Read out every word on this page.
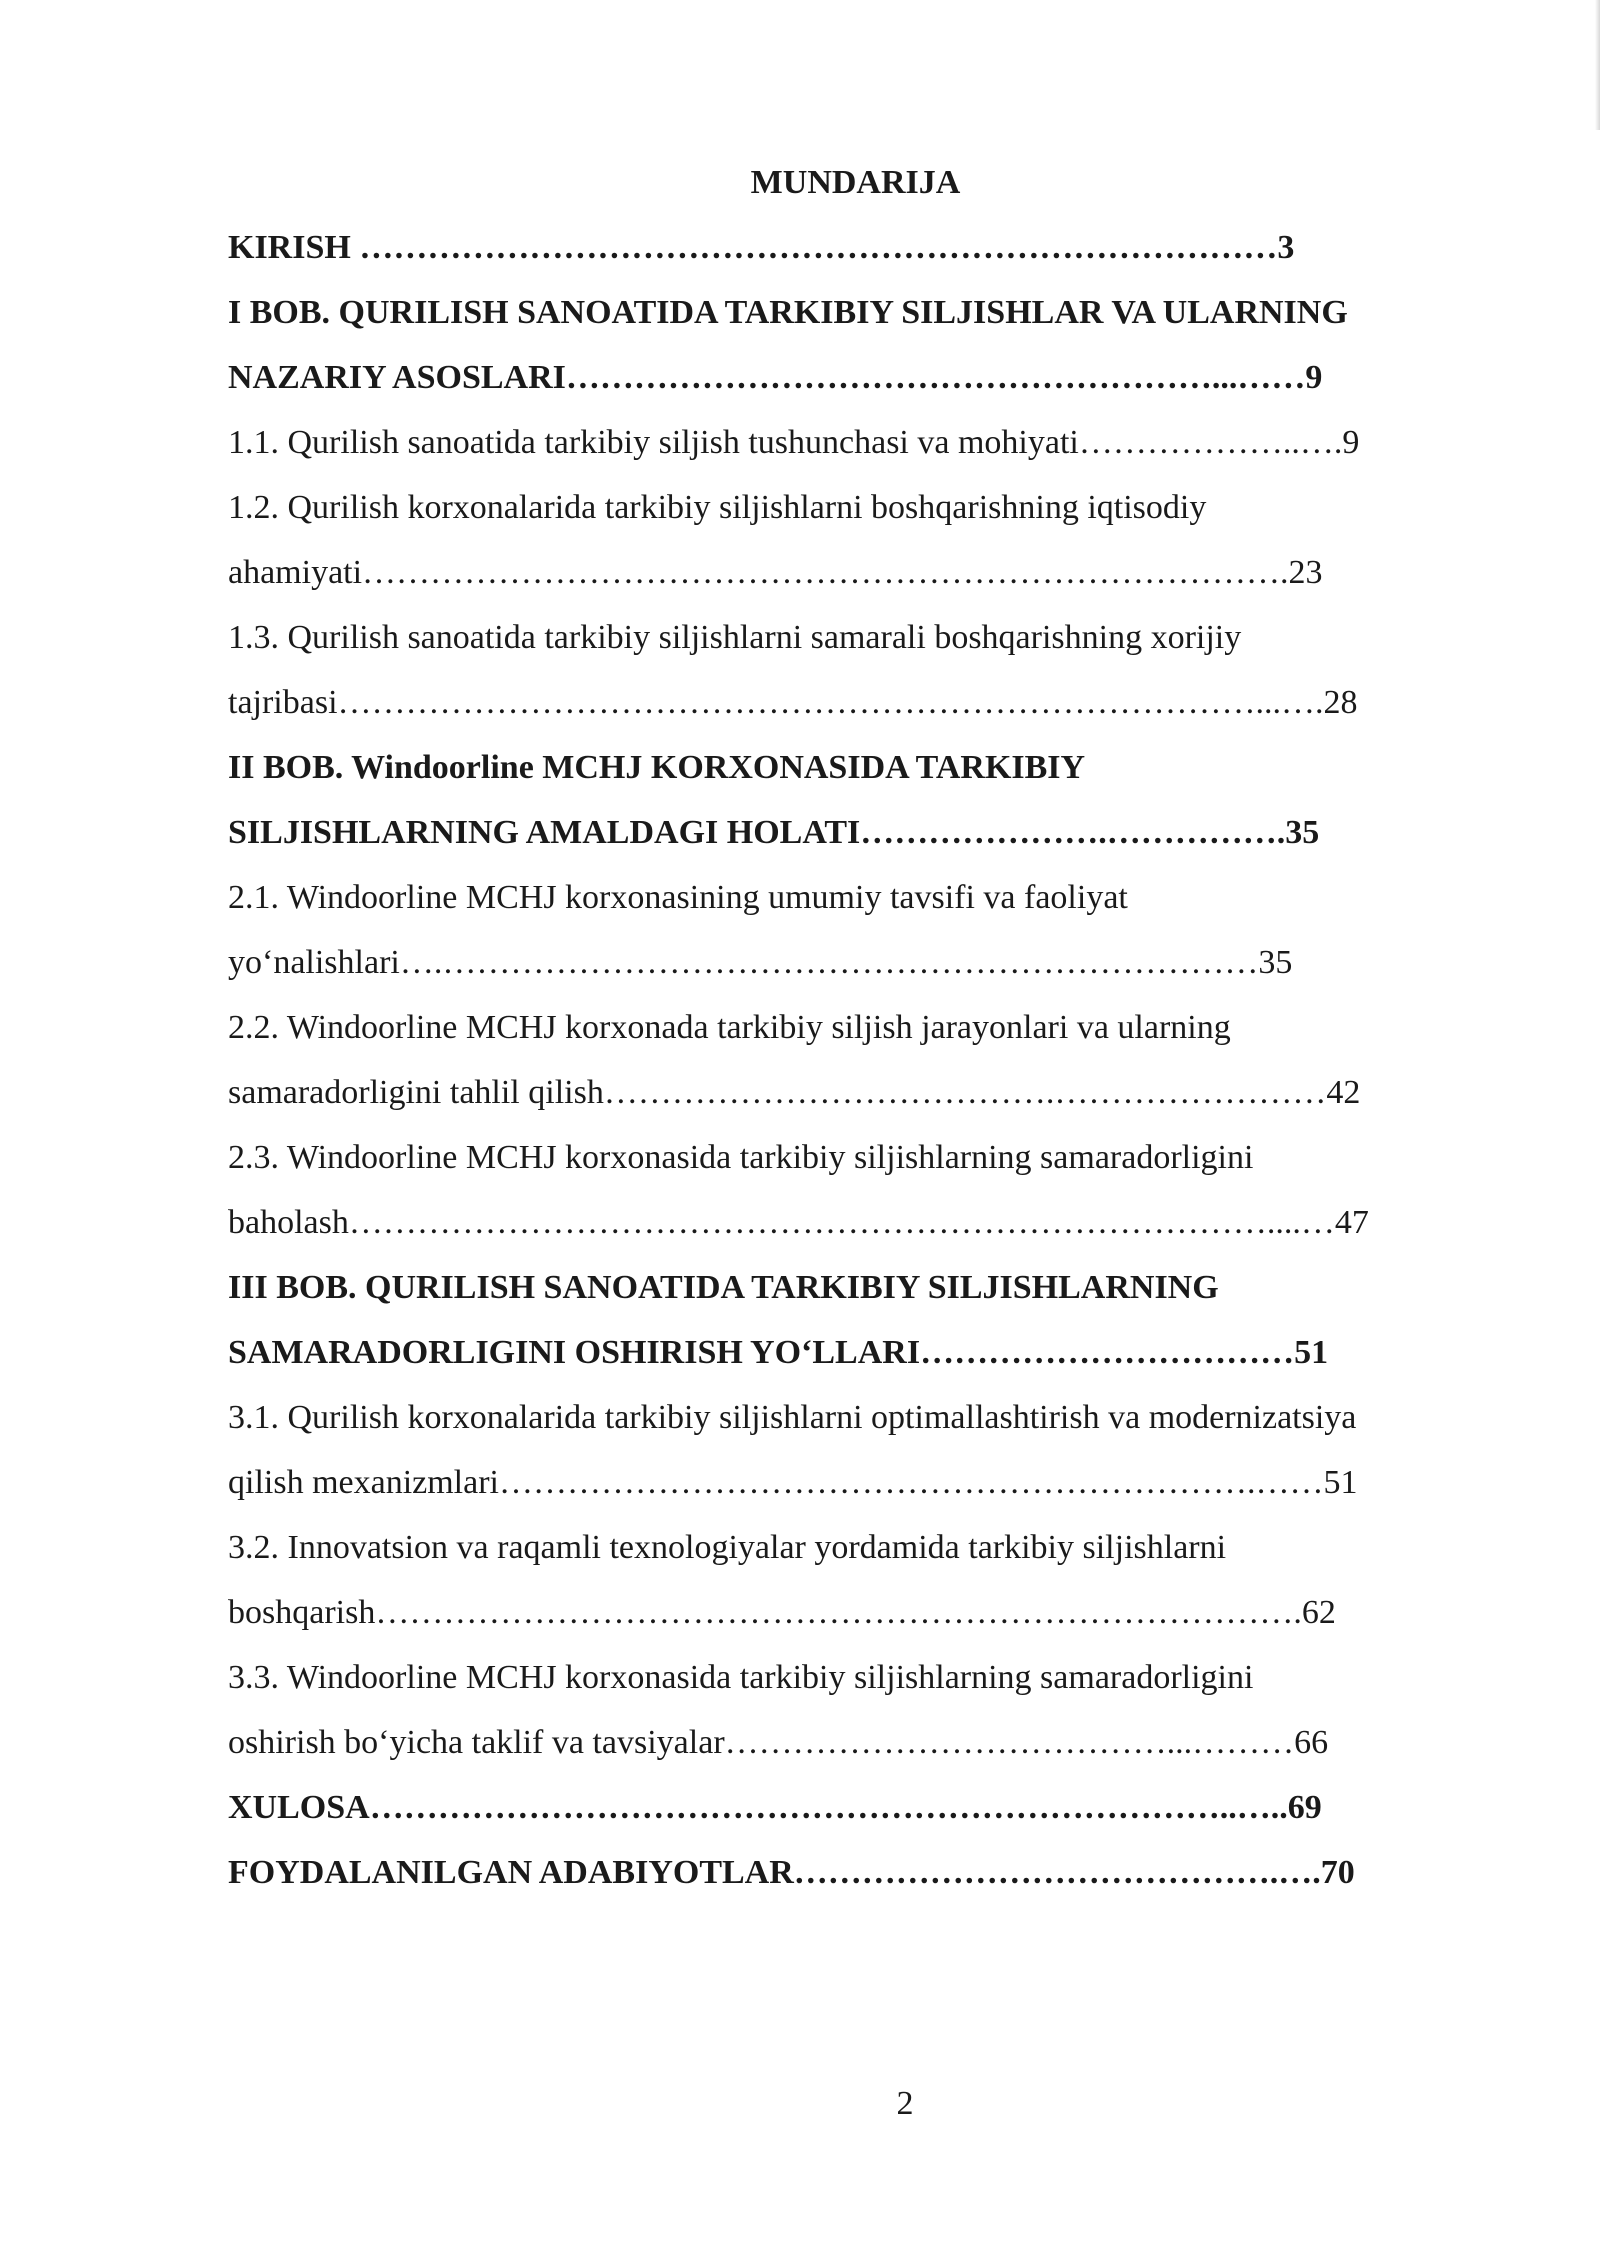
MUNDARIJA
KIRISH ………………………………………………………………………3
I BOB. QURILISH SANOATIDA TARKIBIY SILJISHLAR VA ULARNING
NAZARIY ASOSLARI…………………………………………………...……9
1.1. Qurilish sanoatida tarkibiy siljish tushunchasi va mohiyati………………..….9
1.2. Qurilish korxonalarida tarkibiy siljishlarni boshqarishning iqtisodiy
ahamiyati……………………………………………………………………….23
1.3. Qurilish sanoatida tarkibiy siljishlarni samarali boshqarishning xorijiy
tajribasi………………………………………………………………………...….28
II BOB. Windoorline MCHJ KORXONASIDA TARKIBIY
SILJISHLARNING AMALDAGI HOLATI………………….…………….35
2.1. Windoorline MCHJ korxonasining umumiy tavsifi va faoliyat
yo‘nalishlari….………………………………………………………………35
2.2. Windoorline MCHJ korxonada tarkibiy siljish jarayonlari va ularning
samaradorligini tahlil qilish………………………………….……………………42
2.3. Windoorline MCHJ korxonasida tarkibiy siljishlarning samaradorligini
baholash………………………………………………………………………....…47
III BOB. QURILISH SANOATIDA TARKIBIY SILJISHLARNING
SAMARADORLIGINI OSHIRISH YO‘LLARI……………………………51
3.1. Qurilish korxonalarida tarkibiy siljishlarni optimallashtirish va modernizatsiya
qilish mexanizmlari………………………………………………………….……51
3.2. Innovatsion va raqamli texnologiyalar yordamida tarkibiy siljishlarni
boshqarish……………………………………………………………………….62
3.3. Windoorline MCHJ korxonasida tarkibiy siljishlarning samaradorligini
oshirish bo‘yicha taklif va tavsiyalar…………………………………...………66
XULOSA…………………………………………………………………..…..69
FOYDALANILGAN ADABIYOTLAR…………………………………….….70
2
